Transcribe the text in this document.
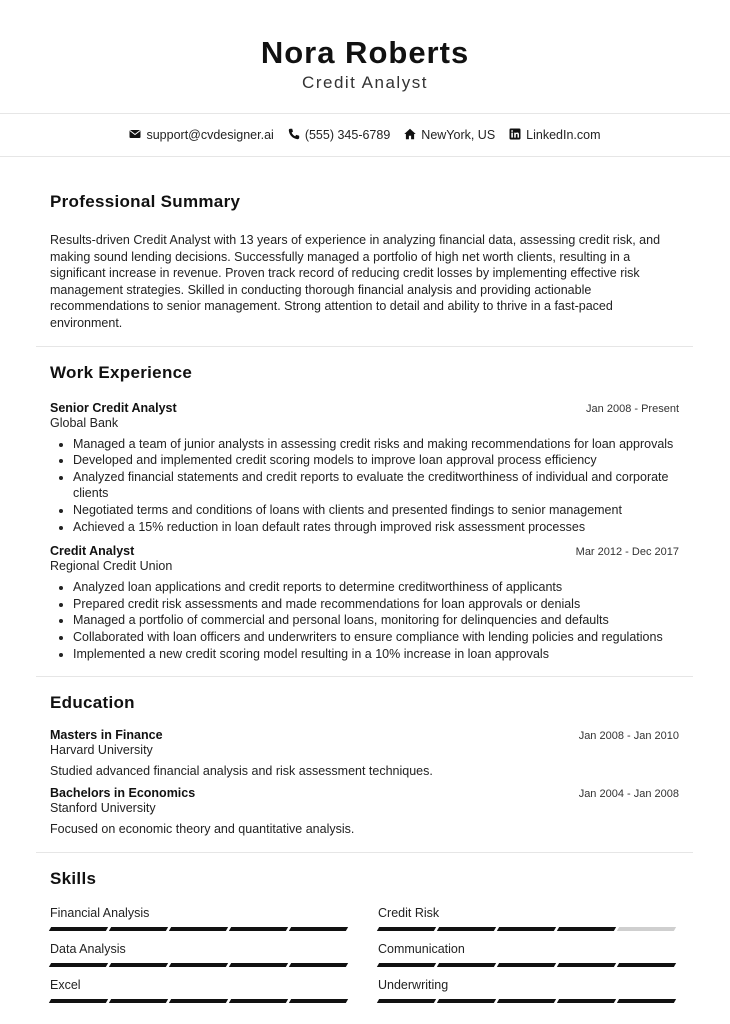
Nora Roberts
Credit Analyst
support@cvdesigner.ai (555) 345-6789 NewYork, US LinkedIn.com
Professional Summary

Results-driven Credit Analyst with 13 years of experience in analyzing financial data, assessing credit risk, and making sound lending decisions. Successfully managed a portfolio of high net worth clients, resulting in a significant increase in revenue. Proven track record of reducing credit losses by implementing effective risk management strategies. Skilled in conducting thorough financial analysis and providing actionable recommendations to senior management. Strong attention to detail and ability to thrive in a fast-paced environment.

Work Experience
Senior Credit Analyst	Jan 2008 - Present
Global Bank
• Managed a team of junior analysts in assessing credit risks and making recommendations for loan approvals
• Developed and implemented credit scoring models to improve loan approval process efficiency
• Analyzed financial statements and credit reports to evaluate the creditworthiness of individual and corporate clients
• Negotiated terms and conditions of loans with clients and presented findings to senior management
• Achieved a 15% reduction in loan default rates through improved risk assessment processes
Credit Analyst	Mar 2012 - Dec 2017
Regional Credit Union
• Analyzed loan applications and credit reports to determine creditworthiness of applicants
• Prepared credit risk assessments and made recommendations for loan approvals or denials
• Managed a portfolio of commercial and personal loans, monitoring for delinquencies and defaults
• Collaborated with loan officers and underwriters to ensure compliance with lending policies and regulations
• Implemented a new credit scoring model resulting in a 10% increase in loan approvals
Education
Masters in Finance	Jan 2008 - Jan 2010
Harvard University
Studied advanced financial analysis and risk assessment techniques.
Bachelors in Economics	Jan 2004 - Jan 2008
Stanford University
Focused on economic theory and quantitative analysis.
Skills
Financial Analysis	Credit Risk
Data Analysis	Communication
Excel	Underwriting
